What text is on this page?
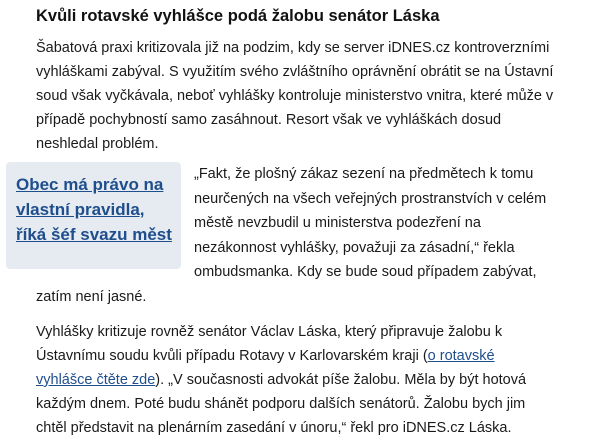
Kvůli rotavské vyhlášce podá žalobu senátor Láska

Šabatová praxi kritizovala již na podzim, kdy se server iDNES.cz kontroverzními vyhláškami zabýval. S využitím svého zvláštního oprávnění obrátit se na Ústavní soud však vyčkávala, neboť vyhlášky kontroluje ministerstvo vnitra, které může v případě pochybností samo zasáhnout. Resort však ve vyhláškách dosud neshledal problém.

„Fakt, že plošný zákaz sezení na předmětech k tomu neurčených na všech veřejných prostranstvích v celém městě nevzbudil u ministerstva podezření na nezákonnost vyhlášky, považuji za zásadní,“ řekla ombudsmanka. Kdy se bude soud případem zabývat, zatím není jasné.

Obec má právo na vlastní pravidla, říká šéf svazu měst

Vyhlášky kritizuje rovněž senátor Václav Láska, který připravuje žalobu k Ústavnímu soudu kvůli případu Rotavy v Karlovarském kraji (o rotavské vyhlášce čtěte zde). „V současnosti advokát píše žalobu. Měla by být hotová každým dnem. Poté budu shánět podporu dalších senátorů. Žalobu bych jim chtěl představit na plenárním zasedání v únoru,“ řekl pro iDNES.cz Láska.
